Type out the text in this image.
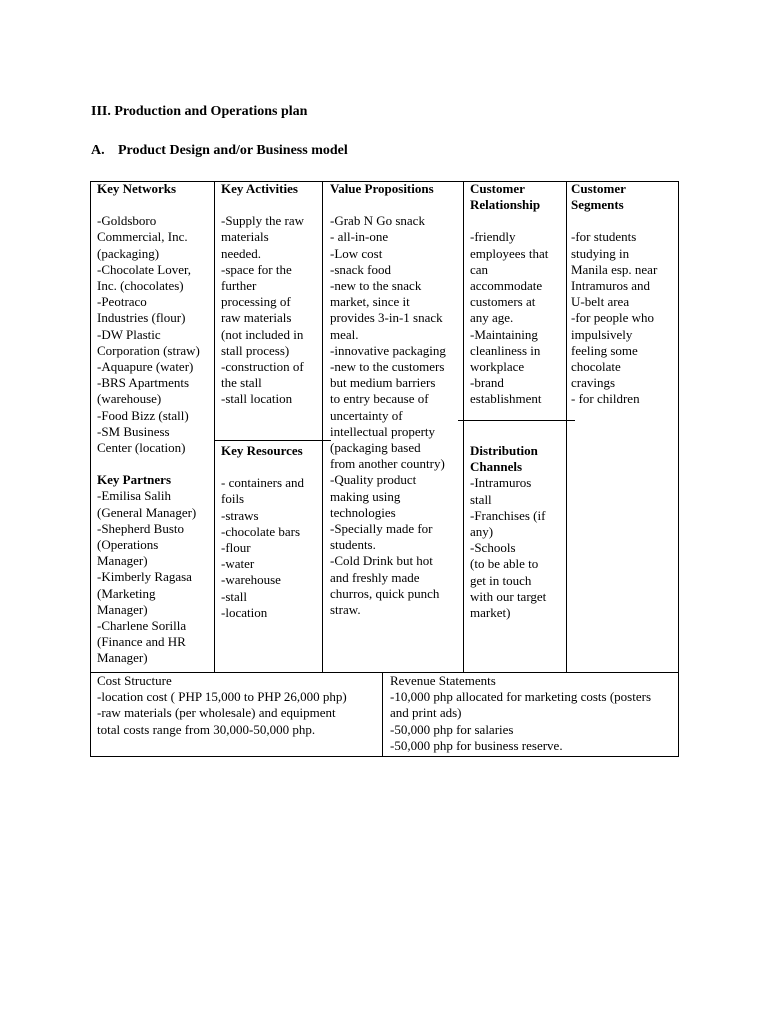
III. Production and Operations plan
A. Product Design and/or Business model
Key Networks
-Goldsboro
Commercial, Inc.
(packaging)
-Chocolate Lover,
Inc. (chocolates)
-Peotraco
Industries (flour)
-DW Plastic
Corporation (straw)
-Aquapure (water)
-BRS Apartments
(warehouse)
-Food Bizz (stall)
-SM Business
Center (location)
Key Partners
-Emilisa Salih
(General Manager)
-Shepherd Busto
(Operations
Manager)
-Kimberly Ragasa
(Marketing
Manager)
-Charlene Sorilla
(Finance and HR
Manager)
Key Activities
-Supply the raw
materials
needed.
-space for the
further
processing of
raw materials
(not included in
stall process)
-construction of
the stall
-stall location
Key Resources
- containers and
foils
-straws
-chocolate bars
-flour
-water
-warehouse
-stall
-location
Value Propositions
-Grab N Go snack
- all-in-one
-Low cost
-snack food
-new to the snack
market, since it
provides 3-in-1 snack
meal.
-innovative packaging
-new to the customers
but medium barriers
to entry because of
uncertainty of
intellectual property
(packaging based
from another country)
-Quality product
making using
technologies
-Specially made for
students.
-Cold Drink but hot
and freshly made
churros, quick punch
straw.
Customer
Relationship
-friendly
employees that
can
accommodate
customers at
any age.
-Maintaining
cleanliness in
workplace
-brand
establishment
Distribution
Channels
-Intramuros
stall
-Franchises (if
any)
-Schools
(to be able to
get in touch
with our target
market)
Customer
Segments
-for students
studying in
Manila esp. near
Intramuros and
U-belt area
-for people who
impulsively
feeling some
chocolate
cravings
- for children
Cost Structure
-location cost ( PHP 15,000 to PHP 26,000 php)
-raw materials (per wholesale) and equipment
total costs range from 30,000-50,000 php.
Revenue Statements
-10,000 php allocated for marketing costs (posters
and print ads)
-50,000 php for salaries
-50,000 php for business reserve.
